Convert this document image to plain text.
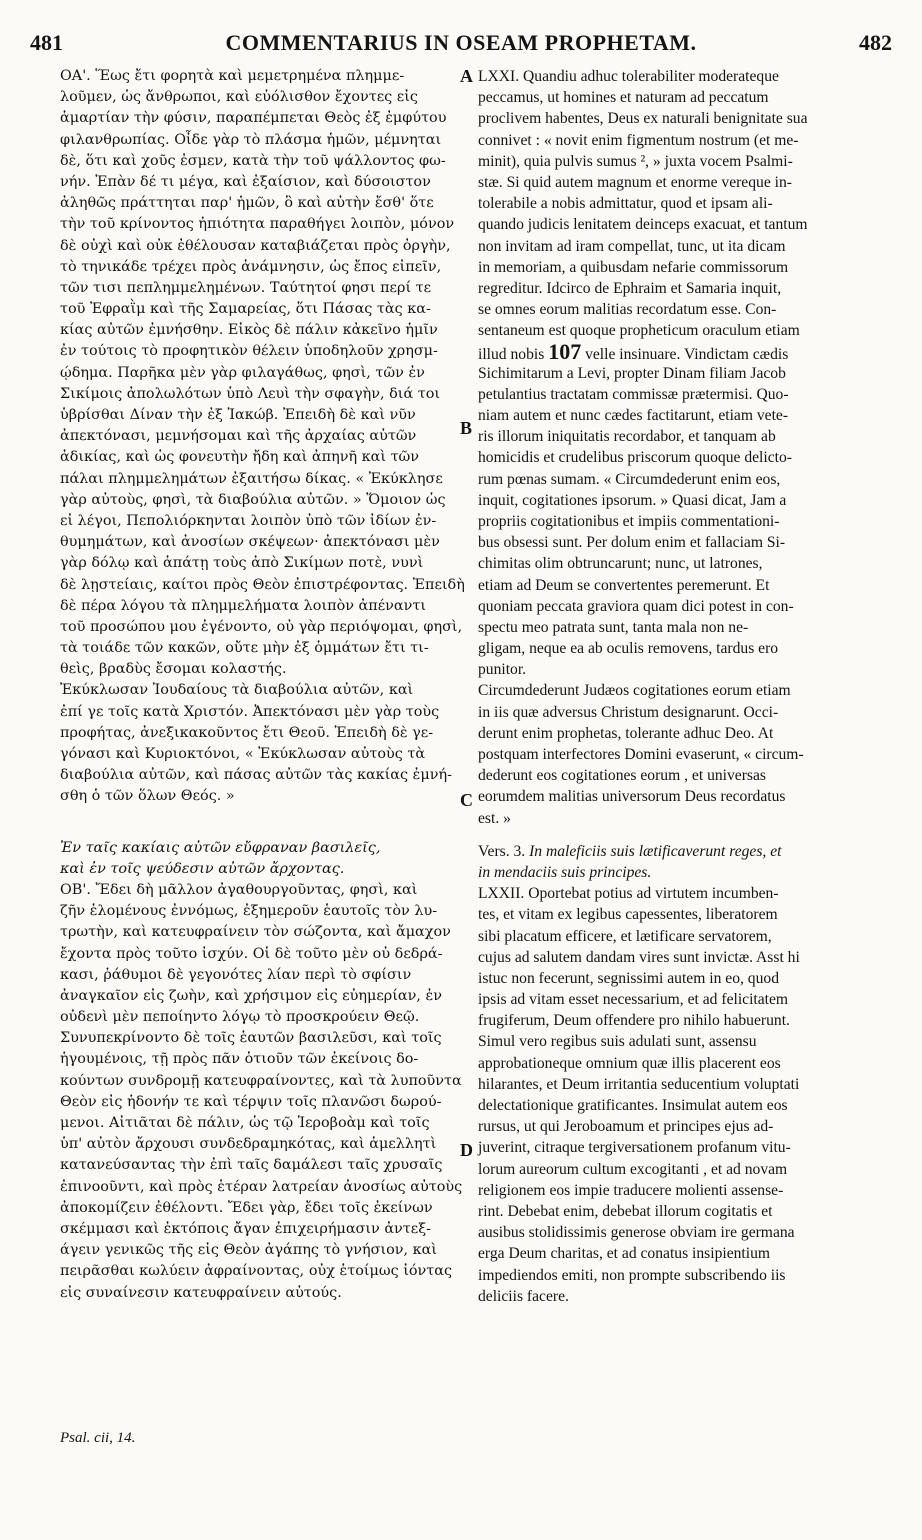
481	COMMENTARIUS IN OSEAM PROPHETAM.	482
A
B
C
D
ΟΑ'. Ἕως ἔτι φορητὰ καὶ μεμετρημένα πλημμε-
λοῦμεν, ὡς ἄνθρωποι, καὶ εὐόλισθον ἔχοντες εἰς
ἁμαρτίαν τὴν φύσιν, παραπέμπεται Θεὸς ἐξ ἐμφύτου
φιλανθρωπίας. Οἶδε γὰρ τὸ πλάσμα ἡμῶν, μέμνηται
δὲ, ὅτι καὶ χοῦς ἐσμεν, κατὰ τὴν τοῦ ψάλλοντος φω-
νήν. Ἐπὰν δέ τι μέγα, καὶ ἐξαίσιον, καὶ δύσοιστον
ἀληθῶς πράττηται παρ' ἡμῶν, ὃ καὶ αὐτὴν ἔσθ' ὅτε
τὴν τοῦ κρίνοντος ἠπιότητα παραθήγει λοιπὸν, μόνον
δὲ οὐχὶ καὶ οὐκ ἐθέλουσαν καταβιάζεται πρὸς ὀργὴν,
τὸ τηνικάδε τρέχει πρὸς ἀνάμνησιν, ὡς ἔπος εἰπεῖν,
τῶν τισι πεπλημμελημένων. Ταύτητοί φησι περί τε
τοῦ Ἐφραῒμ καὶ τῆς Σαμαρείας, ὅτι Πάσας τὰς κα-
κίας αὐτῶν ἐμνήσθην. Εἰκὸς δὲ πάλιν κἀκεῖνο ἡμῖν
ἐν τούτοις τὸ προφητικὸν θέλειν ὑποδηλοῦν χρησμ-
ῴδημα. Παρῆκα μὲν γὰρ φιλαγάθως, φησὶ, τῶν ἐν
Σικίμοις ἀπολωλότων ὑπὸ Λευὶ τὴν σφαγὴν, διά τοι
ὑβρίσθαι Δίναν τὴν ἐξ Ἰακώβ. Ἐπειδὴ δὲ καὶ νῦν
ἀπεκτόνασι, μεμνήσομαι καὶ τῆς ἀρχαίας αὐτῶν
ἀδικίας, καὶ ὡς φονευτὴν ἤδη καὶ ἀπηνῆ καὶ τῶν
πάλαι πλημμελημάτων ἐξαιτήσω δίκας. « Ἐκύκλησε
γὰρ αὐτοὺς, φησὶ, τὰ διαβούλια αὐτῶν. » Ὅμοιον ὡς
εἰ λέγοι, Πεπολιόρκηνται λοιπὸν ὑπὸ τῶν ἰδίων ἐν-
θυμημάτων, καὶ ἀνοσίων σκέψεων· ἀπεκτόνασι μὲν
γὰρ δόλῳ καὶ ἀπάτῃ τοὺς ἀπὸ Σικίμων ποτὲ, νυνὶ
δὲ λῃστείαις, καίτοι πρὸς Θεὸν ἐπιστρέφοντας. Ἐπειδὴ
δὲ πέρα λόγου τὰ πλημμελήματα λοιπὸν ἀπέναντι
τοῦ προσώπου μου ἐγένοντο, οὐ γὰρ περιόψομαι, φησὶ,
τὰ τοιάδε τῶν κακῶν, οὔτε μὴν ἐξ ὀμμάτων ἔτι τι-
θεὶς, βραδὺς ἔσομαι κολαστής.
Ἐκύκλωσαν Ἰουδαίους τὰ διαβούλια αὐτῶν, καὶ
ἐπί γε τοῖς κατὰ Χριστόν. Ἀπεκτόνασι μὲν γὰρ τοὺς
προφήτας, ἀνεξικακοῦντος ἔτι Θεοῦ. Ἐπειδὴ δὲ γε-
γόνασι καὶ Κυριοκτόνοι, « Ἐκύκλωσαν αὐτοὺς τὰ
διαβούλια αὐτῶν, καὶ πάσας αὐτῶν τὰς κακίας ἐμνή-
σθη ὁ τῶν ὅλων Θεός. »
Ἐν ταῖς κακίαις αὐτῶν εὔφραναν βασιλεῖς,
καὶ ἐν τοῖς ψεύδεσιν αὐτῶν ἄρχοντας.
ΟΒ'. Ἔδει δὴ μᾶλλον ἀγαθουργοῦντας, φησὶ, καὶ
ζῆν ἑλομένους ἐννόμως, ἐξημεροῦν ἑαυτοῖς τὸν λυ-
τρωτὴν, καὶ κατευφραίνειν τὸν σώζοντα, καὶ ἄμαχον
ἔχοντα πρὸς τοῦτο ἰσχύν. Οἱ δὲ τοῦτο μὲν οὐ δεδρά-
κασι, ῥάθυμοι δὲ γεγονότες λίαν περὶ τὸ σφίσιν
ἀναγκαῖον εἰς ζωὴν, καὶ χρήσιμον εἰς εὐημερίαν, ἐν
οὐδενὶ μὲν πεποίηντο λόγῳ τὸ προσκρούειν Θεῷ.
Συνυπεκρίνοντο δὲ τοῖς ἑαυτῶν βασιλεῦσι, καὶ τοῖς
ἡγουμένοις, τῇ πρὸς πᾶν ὁτιοῦν τῶν ἐκείνοις δο-
κούντων συνδρομῇ κατευφραίνοντες, καὶ τὰ λυποῦντα
Θεὸν εἰς ἡδονήν τε καὶ τέρψιν τοῖς πλανῶσι δωρού-
μενοι. Αἰτιᾶται δὲ πάλιν, ὡς τῷ Ἱεροβοὰμ καὶ τοῖς
ὑπ' αὐτὸν ἄρχουσι συνδεδραμηκότας, καὶ ἀμελλητὶ
κατανεύσαντας τὴν ἐπὶ ταῖς δαμάλεσι ταῖς χρυσαῖς
ἐπινοοῦντι, καὶ πρὸς ἑτέραν λατρείαν ἀνοσίως αὐτοὺς
ἀποκομίζειν ἐθέλοντι. Ἔδει γὰρ, ἔδει τοῖς ἐκείνων
σκέμμασι καὶ ἐκτόποις ἄγαν ἐπιχειρήμασιν ἀντεξ-
άγειν γενικῶς τῆς εἰς Θεὸν ἀγάπης τὸ γνήσιον, καὶ
πειρᾶσθαι κωλύειν ἀφραίνοντας, οὐχ ἑτοίμως ἰόντας
εἰς συναίνεσιν κατευφραίνειν αὐτούς.
LXXI. Quandiu adhuc tolerabiliter moderateque
peccamus, ut homines et naturam ad peccatum
proclivem habentes, Deus ex naturali benignitate sua
connivet : « novit enim figmentum nostrum (et me-
minit), quia pulvis sumus ², » juxta vocem Psalmi-
stæ. Si quid autem magnum et enorme vereque in-
tolerabile a nobis admittatur, quod et ipsam ali-
quando judicis lenitatem deinceps exacuat, et tantum
non invitam ad iram compellat, tunc, ut ita dicam
in memoriam, a quibusdam nefarie commissorum
regreditur. Idcirco de Ephraim et Samaria inquit,
se omnes eorum malitias recordatum esse. Con-
sentaneum est quoque propheticum oraculum etiam
illud nobis 107 velle insinuare. Vindictam cædis
Sichimitarum a Levi, propter Dinam filiam Jacob
petulantius tractatam commissæ prætermisi. Quo-
niam autem et nunc cædes factitarunt, etiam vete-
ris illorum iniquitatis recordabor, et tanquam ab
homicidis et crudelibus priscorum quoque delicto-
rum pœnas sumam. « Circumdederunt enim eos,
inquit, cogitationes ipsorum. » Quasi dicat, Jam a
propriis cogitationibus et impiis commentationi-
bus obsessi sunt. Per dolum enim et fallaciam Si-
chimitas olim obtruncarunt; nunc, ut latrones,
etiam ad Deum se convertentes peremerunt. Et
quoniam peccata graviora quam dici potest in con-
spectu meo patrata sunt, tanta mala non ne-
gligam, neque ea ab oculis removens, tardus ero
punitor.
Circumdederunt Judæos cogitationes eorum etiam
in iis quæ adversus Christum designarunt. Occi-
derunt enim prophetas, tolerante adhuc Deo. At
postquam interfectores Domini evaserunt, « circum-
dederunt eos cogitationes eorum , et universas
eorumdem malitias universorum Deus recordatus
est. »
Vers. 3. In maleficiis suis lætificaverunt reges, et
in mendaciis suis principes.
LXXII. Oportebat potius ad virtutem incumben-
tes, et vitam ex legibus capessentes, liberatorem
sibi placatum efficere, et lætificare servatorem,
cujus ad salutem dandam vires sunt invictæ. Asst hi
istuc non fecerunt, segnissimi autem in eo, quod
ipsis ad vitam esset necessarium, et ad felicitatem
frugiferum, Deum offendere pro nihilo habuerunt.
Simul vero regibus suis adulati sunt, assensu
approbationeque omnium quæ illis placerent eos
hilarantes, et Deum irritantia seducentium voluptati
delectationique gratificantes. Insimulat autem eos
rursus, ut qui Jeroboamum et principes ejus ad-
juverint, citraque tergiversationem profanum vitu-
lorum aureorum cultum excogitanti , et ad novam
religionem eos impie traducere molienti assense-
rint. Debebat enim, debebat illorum cogitatis et
ausibus stolidissimis generose obviam ire germana
erga Deum charitas, et ad conatus insipientium
impediendos emiti, non prompte subscribendo iis
deliciis facere.
Psal. cii, 14.
